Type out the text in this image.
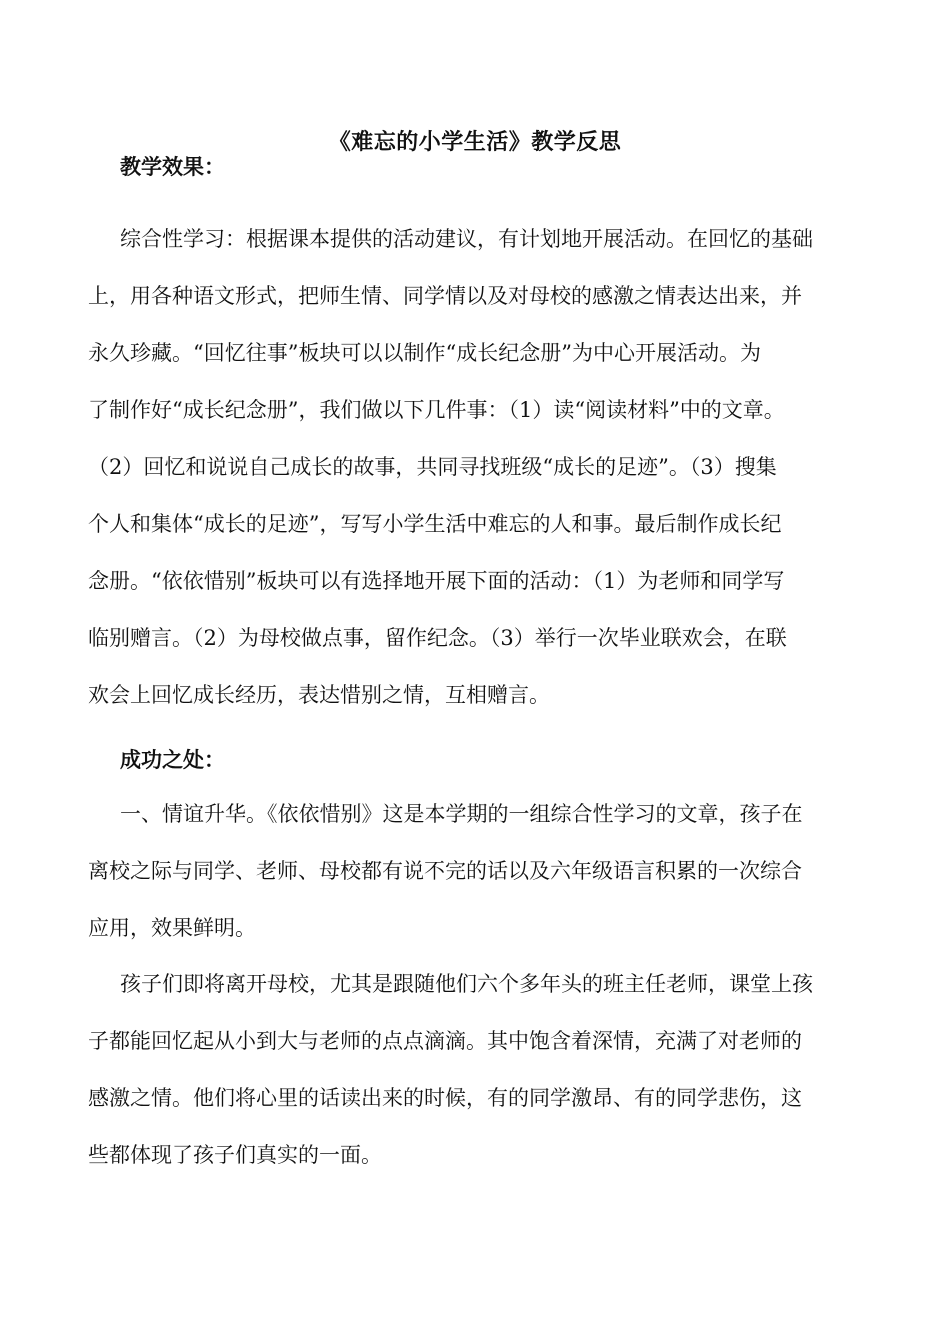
《难忘的小学生活》教学反思
教学效果：
综合性学习：根据课本提供的活动建议，有计划地开展活动。在回忆的基础
上，用各种语文形式，把师生情、同学情以及对母校的感激之情表达出来，并
永久珍藏。“回忆往事”板块可以以制作“成长纪念册”为中心开展活动。为
了制作好“成长纪念册”，我们做以下几件事：（1）读“阅读材料”中的文章。
（2）回忆和说说自己成长的故事，共同寻找班级“成长的足迹”。（3）搜集
个人和集体“成长的足迹”，写写小学生活中难忘的人和事。最后制作成长纪
念册。“依依惜别”板块可以有选择地开展下面的活动：（1）为老师和同学写
临别赠言。（2）为母校做点事，留作纪念。（3）举行一次毕业联欢会，在联
欢会上回忆成长经历，表达惜别之情，互相赠言。
成功之处：
一、情谊升华。《依依惜别》这是本学期的一组综合性学习的文章，孩子在
离校之际与同学、老师、母校都有说不完的话以及六年级语言积累的一次综合
应用，效果鲜明。
孩子们即将离开母校，尤其是跟随他们六个多年头的班主任老师，课堂上孩
子都能回忆起从小到大与老师的点点滴滴。其中饱含着深情，充满了对老师的
感激之情。他们将心里的话读出来的时候，有的同学激昂、有的同学悲伤，这
些都体现了孩子们真实的一面。
